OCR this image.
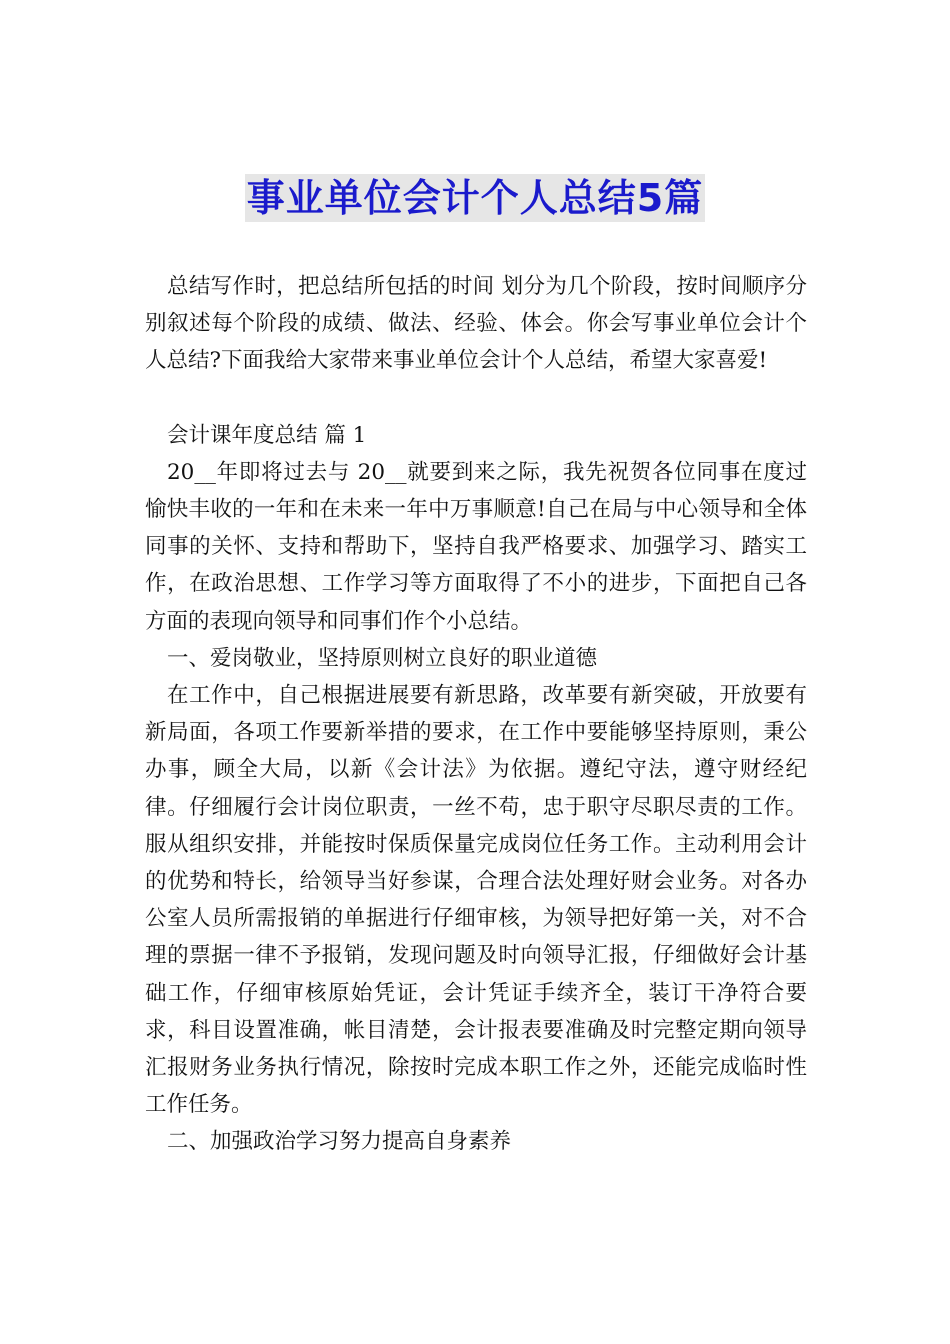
事业单位会计个人总结5篇

总结写作时，把总结所包括的时间 划分为几个阶段，按时间顺序分别叙述每个阶段的成绩、做法、经验、体会。你会写事业单位会计个人总结?下面我给大家带来事业单位会计个人总结，希望大家喜爱!

会计课年度总结 篇 1

20__年即将过去与 20__就要到来之际，我先祝贺各位同事在度过愉快丰收的一年和在未来一年中万事顺意!自己在局与中心领导和全体同事的关怀、支持和帮助下，坚持自我严格要求、加强学习、踏实工作，在政治思想、工作学习等方面取得了不小的进步，下面把自己各方面的表现向领导和同事们作个小总结。

一、爱岗敬业，坚持原则树立良好的职业道德

在工作中，自己根据进展要有新思路，改革要有新突破，开放要有新局面，各项工作要新举措的要求，在工作中要能够坚持原则，秉公办事，顾全大局，以新《会计法》为依据。遵纪守法，遵守财经纪律。仔细履行会计岗位职责，一丝不苟，忠于职守尽职尽责的工作。服从组织安排，并能按时保质保量完成岗位任务工作。主动利用会计的优势和特长，给领导当好参谋，合理合法处理好财会业务。对各办公室人员所需报销的单据进行仔细审核，为领导把好第一关，对不合理的票据一律不予报销，发现问题及时向领导汇报，仔细做好会计基础工作，仔细审核原始凭证，会计凭证手续齐全，装订干净符合要求，科目设置准确，帐目清楚，会计报表要准确及时完整定期向领导汇报财务业务执行情况，除按时完成本职工作之外，还能完成临时性工作任务。

二、加强政治学习努力提高自身素养
